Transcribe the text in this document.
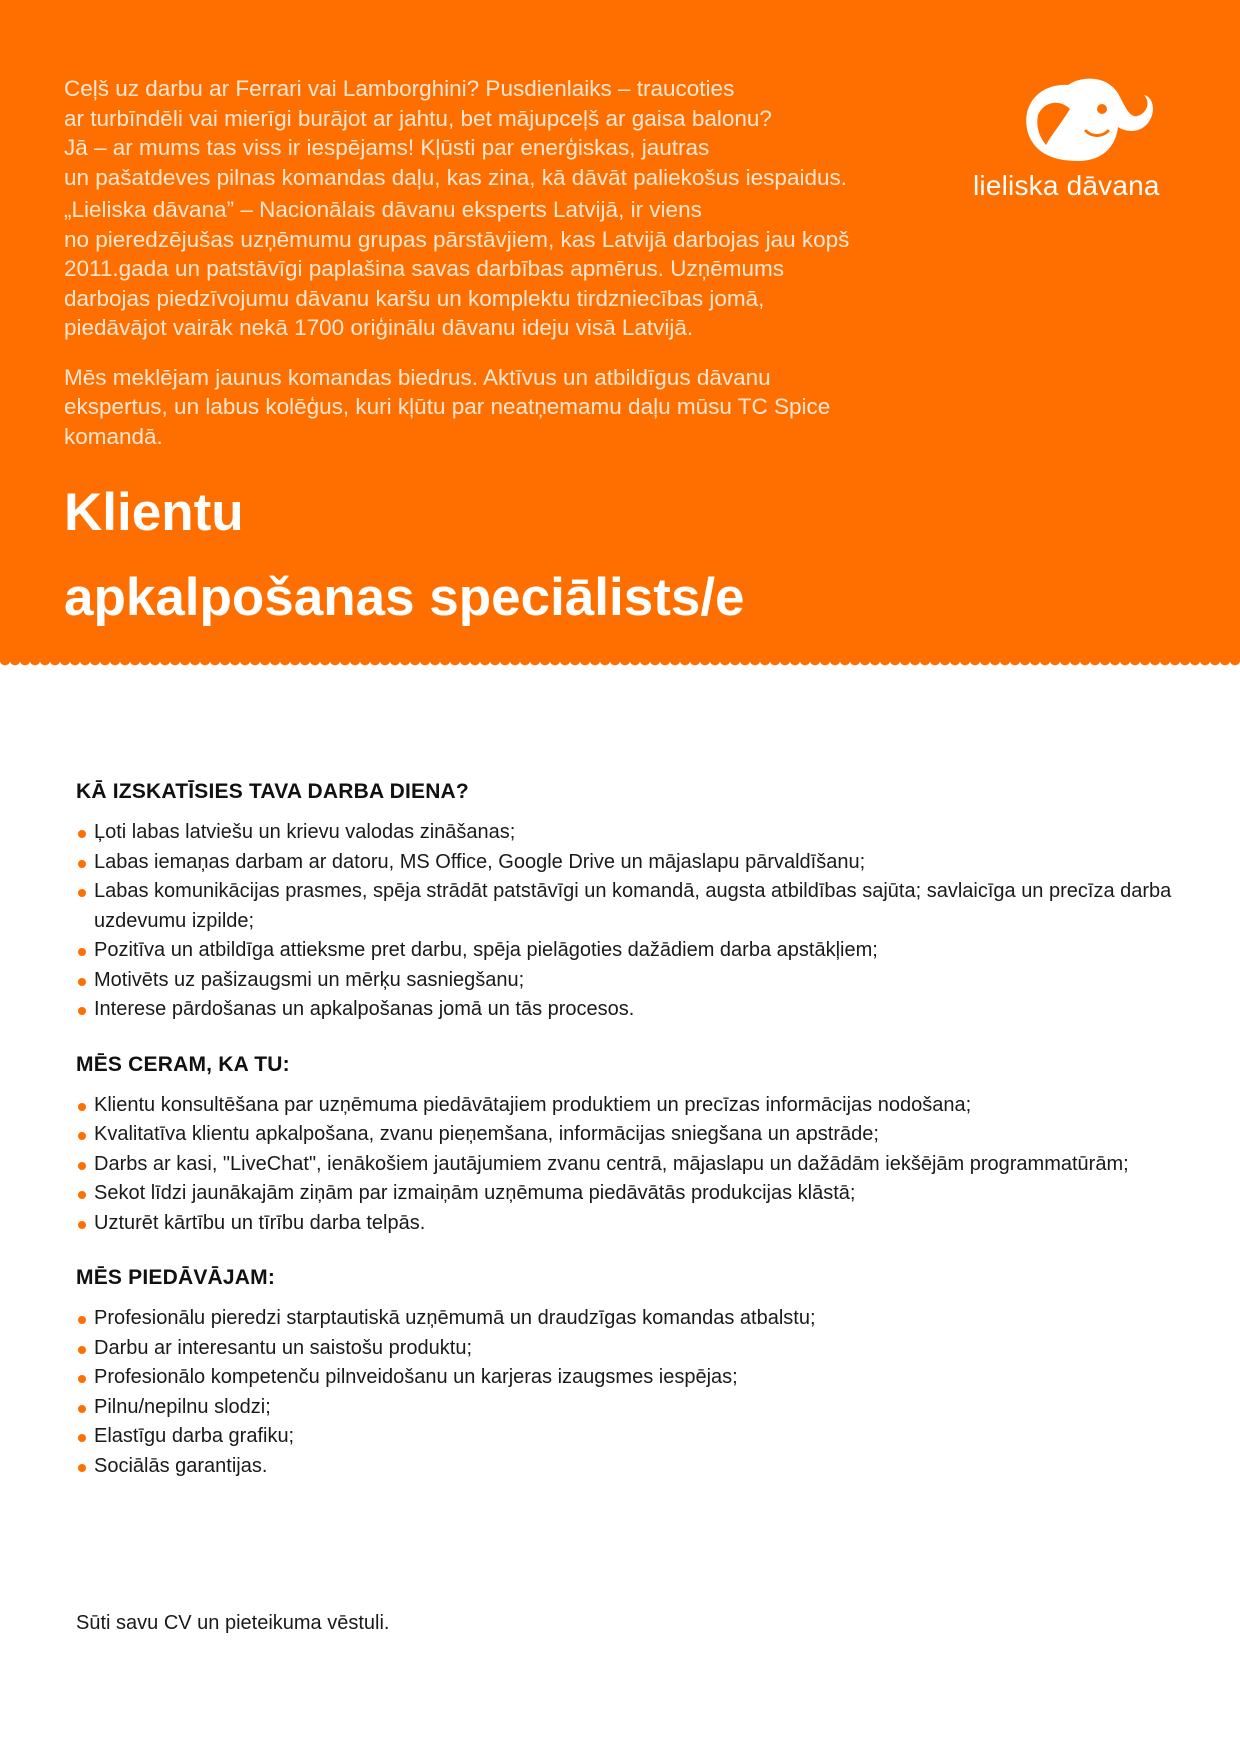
Ceļš uz darbu ar Ferrari vai Lamborghini? Pusdienlaiks – traucoties
ar turbīndēli vai mierīgi burājot ar jahtu, bet mājupceļš ar gaisa balonu?
Jā – ar mums tas viss ir iespējams! Kļūsti par enerģiskas, jautras
un pašatdeves pilnas komandas daļu, kas zina, kā dāvāt paliekošus iespaidus.

„Lieliska dāvana” – Nacionālais dāvanu eksperts Latvijā, ir viens
no pieredzējušas uzņēmumu grupas pārstāvjiem, kas Latvijā darbojas jau kopš
2011.gada un patstāvīgi paplašina savas darbības apmērus. Uzņēmums
darbojas piedzīvojumu dāvanu karšu un komplektu tirdzniecības jomā,
piedāvājot vairāk nekā 1700 oriģinālu dāvanu ideju visā Latvijā.

Mēs meklējam jaunus komandas biedrus. Aktīvus un atbildīgus dāvanu
ekspertus, un labus kolēģus, kuri kļūtu par neatņemamu daļu mūsu TC Spice
komandā.

lieliska dāvana
Klientu
apkalpošanas speciālists/e
KĀ IZSKATĪSIES TAVA DARBA DIENA?
Ļoti labas latviešu un krievu valodas zināšanas;
Labas iemaņas darbam ar datoru, MS Office, Google Drive un mājaslapu pārvaldīšanu;
Labas komunikācijas prasmes, spēja strādāt patstāvīgi un komandā, augsta atbildības sajūta; savlaicīga un precīza darba uzdevumu izpilde;
Pozitīva un atbildīga attieksme pret darbu, spēja pielāgoties dažādiem darba apstākļiem;
Motivēts uz pašizaugsmi un mērķu sasniegšanu;
Interese pārdošanas un apkalpošanas jomā un tās procesos.
MĒS CERAM, KA TU:
Klientu konsultēšana par uzņēmuma piedāvātajiem produktiem un precīzas informācijas nodošana;
Kvalitatīva klientu apkalpošana, zvanu pieņemšana, informācijas sniegšana un apstrāde;
Darbs ar kasi, "LiveChat", ienākošiem jautājumiem zvanu centrā, mājaslapu un dažādām iekšējām programmatūrām;
Sekot līdzi jaunākajām ziņām par izmaiņām uzņēmuma piedāvātās produkcijas klāstā;
Uzturēt kārtību un tīrību darba telpās.
MĒS PIEDĀVĀJAM:
Profesionālu pieredzi starptautiskā uzņēmumā un draudzīgas komandas atbalstu;
Darbu ar interesantu un saistošu produktu;
Profesionālo kompetenču pilnveidošanu un karjeras izaugsmes iespējas;
Pilnu/nepilnu slodzi;
Elastīgu darba grafiku;
Sociālās garantijas.

Sūti savu CV un pieteikuma vēstuli.
